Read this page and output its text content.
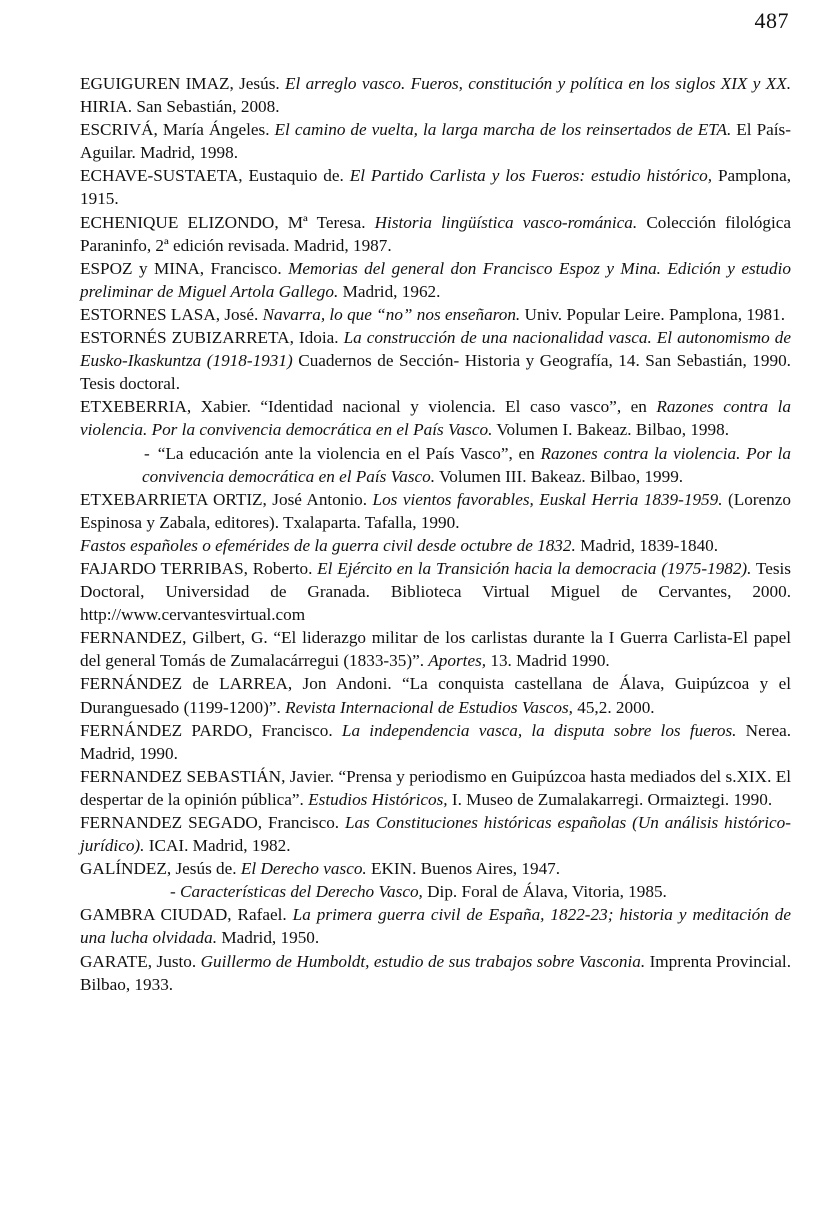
487

EGUIGUREN IMAZ, Jesús. El arreglo vasco. Fueros, constitución y política en los siglos XIX y XX. HIRIA. San Sebastián, 2008.

ESCRIVÁ, María Ángeles. El camino de vuelta, la larga marcha de los reinsertados de ETA. El País-Aguilar. Madrid, 1998.

ECHAVE-SUSTAETA, Eustaquio de. El Partido Carlista y los Fueros: estudio histórico, Pamplona, 1915.

ECHENIQUE ELIZONDO, Mª Teresa. Historia lingüística vasco-románica. Colección filológica Paraninfo, 2ª edición revisada. Madrid, 1987.

ESPOZ y MINA, Francisco. Memorias del general don Francisco Espoz y Mina. Edición y estudio preliminar de Miguel Artola Gallego. Madrid, 1962.

ESTORNES LASA, José. Navarra, lo que “no” nos enseñaron. Univ. Popular Leire. Pamplona, 1981.

ESTORNÉS ZUBIZARRETA, Idoia. La construcción de una nacionalidad vasca. El autonomismo de Eusko-Ikaskuntza (1918-1931) Cuadernos de Sección- Historia y Geografía, 14. San Sebastián, 1990. Tesis doctoral.

ETXEBERRIA, Xabier. “Identidad nacional y violencia. El caso vasco”, en Razones contra la violencia. Por la convivencia democrática en el País Vasco. Volumen I. Bakeaz. Bilbao, 1998.

- “La educación ante la violencia en el País Vasco”, en Razones contra la violencia. Por la convivencia democrática en el País Vasco. Volumen III. Bakeaz. Bilbao, 1999.

ETXEBARRIETA ORTIZ, José Antonio. Los vientos favorables, Euskal Herria 1839-1959. (Lorenzo Espinosa y Zabala, editores). Txalaparta. Tafalla, 1990.

Fastos españoles o efemérides de la guerra civil desde octubre de 1832. Madrid, 1839-1840.

FAJARDO TERRIBAS, Roberto. El Ejército en la Transición hacia la democracia (1975-1982). Tesis Doctoral, Universidad de Granada. Biblioteca Virtual Miguel de Cervantes, 2000. http://www.cervantesvirtual.com

FERNANDEZ, Gilbert, G. “El liderazgo militar de los carlistas durante la I Guerra Carlista-El papel del general Tomás de Zumalacárregui (1833-35)”. Aportes, 13. Madrid 1990.

FERNÁNDEZ de LARREA, Jon Andoni. “La conquista castellana de Álava, Guipúzcoa y el Duranguesado (1199-1200)”. Revista Internacional de Estudios Vascos, 45,2. 2000.

FERNÁNDEZ PARDO, Francisco. La independencia vasca, la disputa sobre los fueros. Nerea. Madrid, 1990.

FERNANDEZ SEBASTIÁN, Javier. “Prensa y periodismo en Guipúzcoa hasta mediados del s.XIX. El despertar de la opinión pública”. Estudios Históricos, I. Museo de Zumalakarregi. Ormaiztegi. 1990.

FERNANDEZ SEGADO, Francisco. Las Constituciones históricas españolas (Un análisis histórico-jurídico). ICAI. Madrid, 1982.

GALÍNDEZ, Jesús de. El Derecho vasco. EKIN. Buenos Aires, 1947.

- Características del Derecho Vasco, Dip. Foral de Álava, Vitoria, 1985.

GAMBRA CIUDAD, Rafael. La primera guerra civil de España, 1822-23; historia y meditación de una lucha olvidada. Madrid, 1950.

GARATE, Justo. Guillermo de Humboldt, estudio de sus trabajos sobre Vasconia. Imprenta Provincial. Bilbao, 1933.
